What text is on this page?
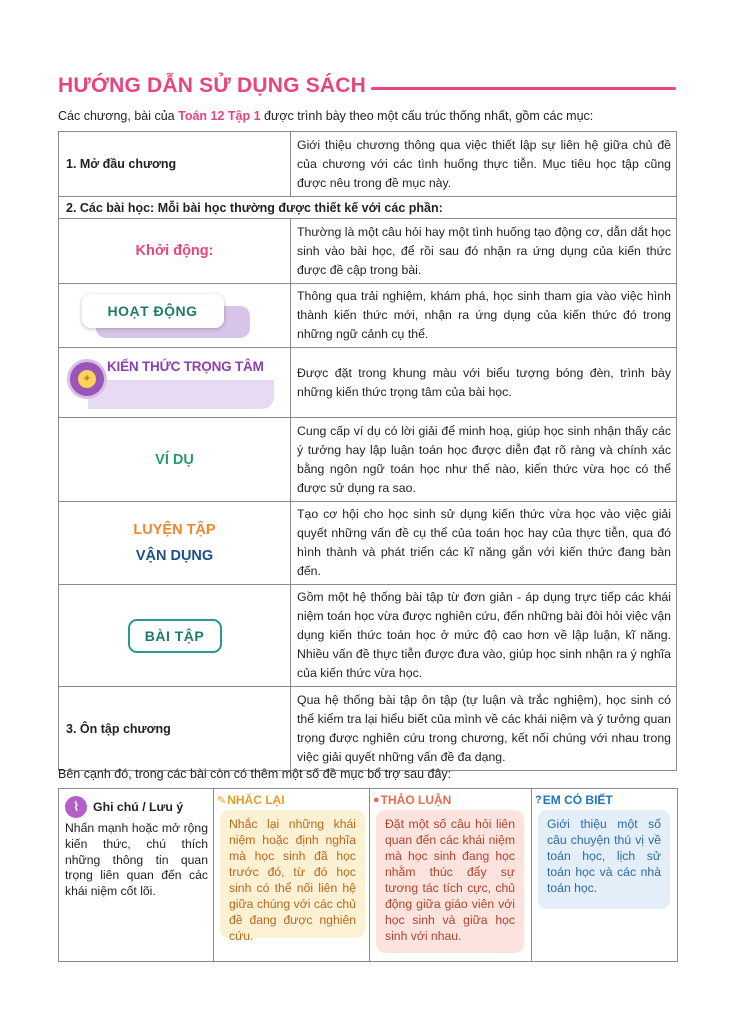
HƯỚNG DẪN SỬ DỤNG SÁCH
Các chương, bài của Toán 12 Tập 1 được trình bày theo một cấu trúc thống nhất, gồm các mục:
1. Mở đầu chương	Giới thiệu chương thông qua việc thiết lập sự liên hệ giữa chủ đề của chương với các tình huống thực tiễn. Mục tiêu học tập cũng được nêu trong đề mục này.
2. Các bài học: Mỗi bài học thường được thiết kế với các phần:	
Khởi động:	Thường là một câu hỏi hay một tình huống tạo động cơ, dẫn dắt học sinh vào bài học, để rồi sau đó nhận ra ứng dụng của kiến thức được đề cập trong bài.

HOẠT ĐỘNG	Thông qua trải nghiệm, khám phá, học sinh tham gia vào việc hình thành kiến thức mới, nhận ra ứng dụng của kiến thức đó trong những ngữ cảnh cụ thể.

✦
KIẾN THỨC TRỌNG TÂM	Được đặt trong khung màu với biểu tượng bóng đèn, trình bày những kiến thức trọng tâm của bài học.
VÍ DỤ	Cung cấp ví dụ có lời giải để minh hoạ, giúp học sinh nhận thấy các ý tưởng hay lập luận toán học được diễn đạt rõ ràng và chính xác bằng ngôn ngữ toán học như thế nào, kiến thức vừa học có thể được sử dụng ra sao.

LUYỆN TẬP
VẬN DỤNG	Tạo cơ hội cho học sinh sử dụng kiến thức vừa học vào việc giải quyết những vấn đề cụ thể của toán học hay của thực tiễn, qua đó hình thành và phát triển các kĩ năng gắn với kiến thức đang bàn đến.
BÀI TẬP	Gồm một hệ thống bài tập từ đơn giản - áp dụng trực tiếp các khái niệm toán học vừa được nghiên cứu, đến những bài đòi hỏi việc vận dụng kiến thức toán học ở mức độ cao hơn về lập luận, kĩ năng. Nhiều vấn đề thực tiễn được đưa vào, giúp học sinh nhận ra ý nghĩa của kiến thức vừa học.
3. Ôn tập chương	Qua hệ thống bài tập ôn tập (tự luận và trắc nghiệm), học sinh có thể kiểm tra lại hiểu biết của mình về các khái niệm và ý tưởng quan trọng được nghiên cứu trong chương, kết nối chúng với nhau trong việc giải quyết những vấn đề đa dạng.
Bên cạnh đó, trong các bài còn có thêm một số đề mục bổ trợ sau đây:
⌇	Ghi chú / Lưu ý
Nhấn mạnh hoặc mở rộng kiến thức, chú thích những thông tin quan trọng liên quan đến các khái niệm cốt lõi.

✎ NHẮC LẠI
Nhắc lại những khái niệm hoặc định nghĩa mà học sinh đã học trước đó, từ đó học sinh có thể nối liên hệ giữa chúng với các chủ đề đang được nghiên cứu.

● THẢO LUẬN
Đặt một số câu hỏi liên quan đến các khái niệm mà học sinh đang học nhằm thúc đẩy sự tương tác tích cực, chủ động giữa giáo viên với học sinh và giữa học sinh với nhau.

? EM CÓ BIẾT
Giới thiệu một số câu chuyện thú vị về toán học, lịch sử toán học và các nhà toán học.
